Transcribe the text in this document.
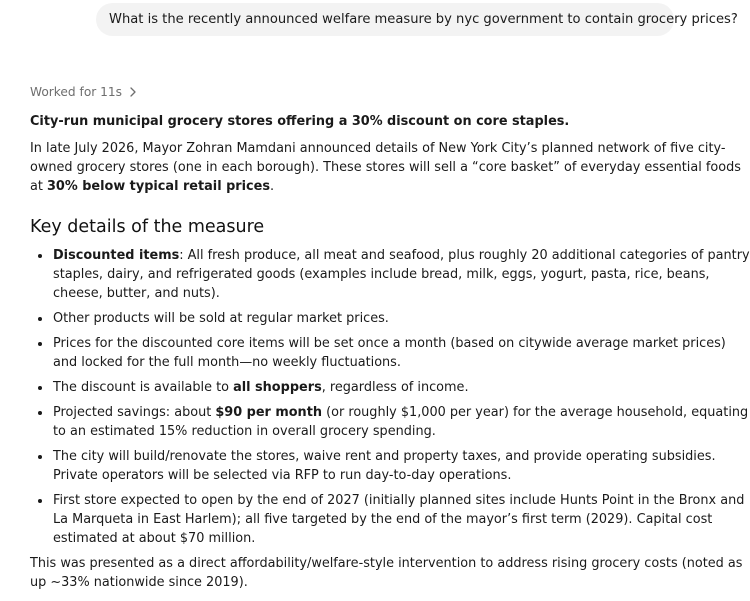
What is the recently announced welfare measure by nyc government to contain grocery prices?
Worked for 11s
City-run municipal grocery stores offering a 30% discount on core staples.
In late July 2026, Mayor Zohran Mamdani announced details of New York City’s planned network of five city-
owned grocery stores (one in each borough). These stores will sell a “core basket” of everyday essential foods
at 30% below typical retail prices.
Key details of the measure
Discounted items: All fresh produce, all meat and seafood, plus roughly 20 additional categories of pantry
staples, dairy, and refrigerated goods (examples include bread, milk, eggs, yogurt, pasta, rice, beans,
cheese, butter, and nuts).
Other products will be sold at regular market prices.
Prices for the discounted core items will be set once a month (based on citywide average market prices)
and locked for the full month—no weekly fluctuations.
The discount is available to all shoppers, regardless of income.
Projected savings: about $90 per month (or roughly $1,000 per year) for the average household, equating
to an estimated 15% reduction in overall grocery spending.
The city will build/renovate the stores, waive rent and property taxes, and provide operating subsidies.
Private operators will be selected via RFP to run day-to-day operations.
First store expected to open by the end of 2027 (initially planned sites include Hunts Point in the Bronx and
La Marqueta in East Harlem); all five targeted by the end of the mayor’s first term (2029). Capital cost
estimated at about $70 million.
This was presented as a direct affordability/welfare-style intervention to address rising grocery costs (noted as
up ~33% nationwide since 2019).
